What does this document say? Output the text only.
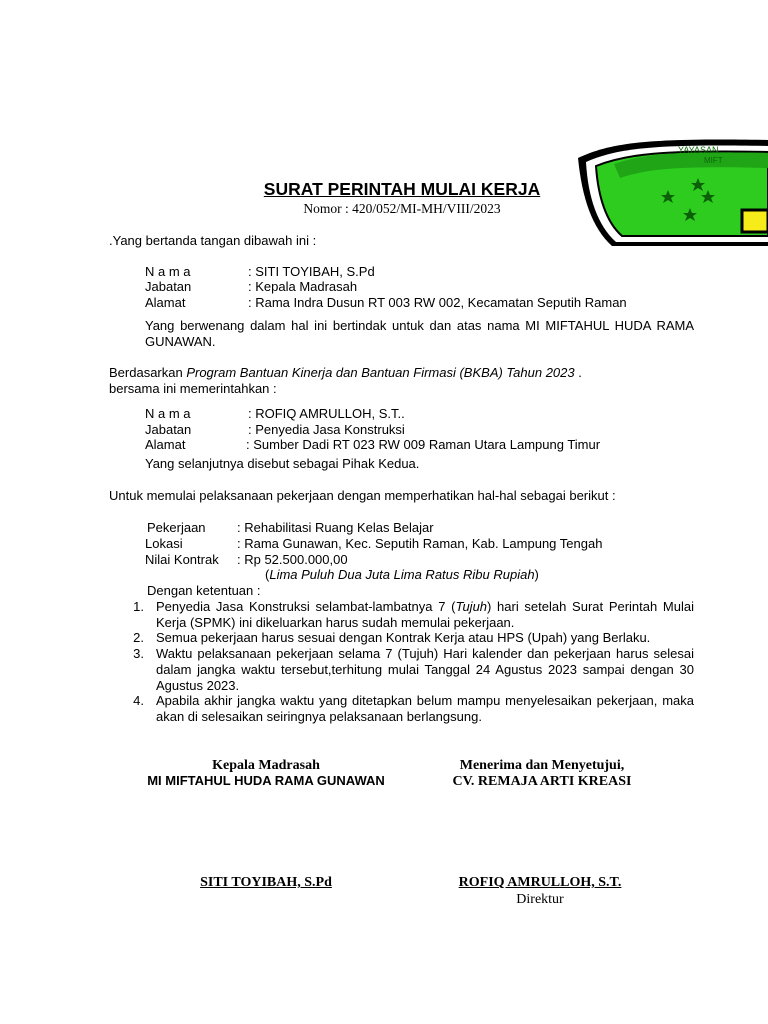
YAYASAN
MIFT
SURAT PERINTAH MULAI KERJA
Nomor : 420/052/MI-MH/VIII/2023
.Yang bertanda tangan dibawah ini :
N a m a	: SITI TOYIBAH, S.Pd
Jabatan	: Kepala Madrasah
Alamat	: Rama Indra Dusun RT 003 RW 002, Kecamatan Seputih Raman
Yang berwenang dalam hal ini bertindak untuk dan atas nama MI MIFTAHUL HUDA RAMA GUNAWAN.
Berdasarkan Program Bantuan Kinerja dan Bantuan Firmasi (BKBA) Tahun 2023 .
bersama ini memerintahkan :
N a m a	: ROFIQ AMRULLOH, S.T..
Jabatan	: Penyedia Jasa Konstruksi
Alamat	: Sumber Dadi RT 023 RW 009 Raman Utara Lampung Timur
Yang selanjutnya disebut sebagai Pihak Kedua.
Untuk memulai pelaksanaan pekerjaan dengan memperhatikan hal-hal sebagai berikut :
Pekerjaan : Rehabilitasi Ruang Kelas Belajar
Lokasi	: Rama Gunawan, Kec. Seputih Raman, Kab. Lampung Tengah
Nilai Kontrak : Rp 52.500.000,00
(Lima Puluh Dua Juta Lima Ratus Ribu Rupiah)
Dengan ketentuan :
1. Penyedia Jasa Konstruksi selambat-lambatnya 7 (Tujuh) hari setelah Surat Perintah Mulai Kerja (SPMK) ini dikeluarkan harus sudah memulai pekerjaan.
2. Semua pekerjaan harus sesuai dengan Kontrak Kerja atau HPS (Upah) yang Berlaku.
3. Waktu pelaksanaan pekerjaan selama 7 (Tujuh) Hari kalender dan pekerjaan harus selesai dalam jangka waktu tersebut,terhitung mulai Tanggal 24 Agustus 2023 sampai dengan 30 Agustus 2023.
4. Apabila akhir jangka waktu yang ditetapkan belum mampu menyelesaikan pekerjaan, maka akan di selesaikan seiringnya pelaksanaan berlangsung.
Kepala Madrasah
MI MIFTAHUL HUDA RAMA GUNAWAN
SITI TOYIBAH, S.Pd
Menerima dan Menyetujui,
CV. REMAJA ARTI KREASI
ROFIQ AMRULLOH, S.T.
Direktur
